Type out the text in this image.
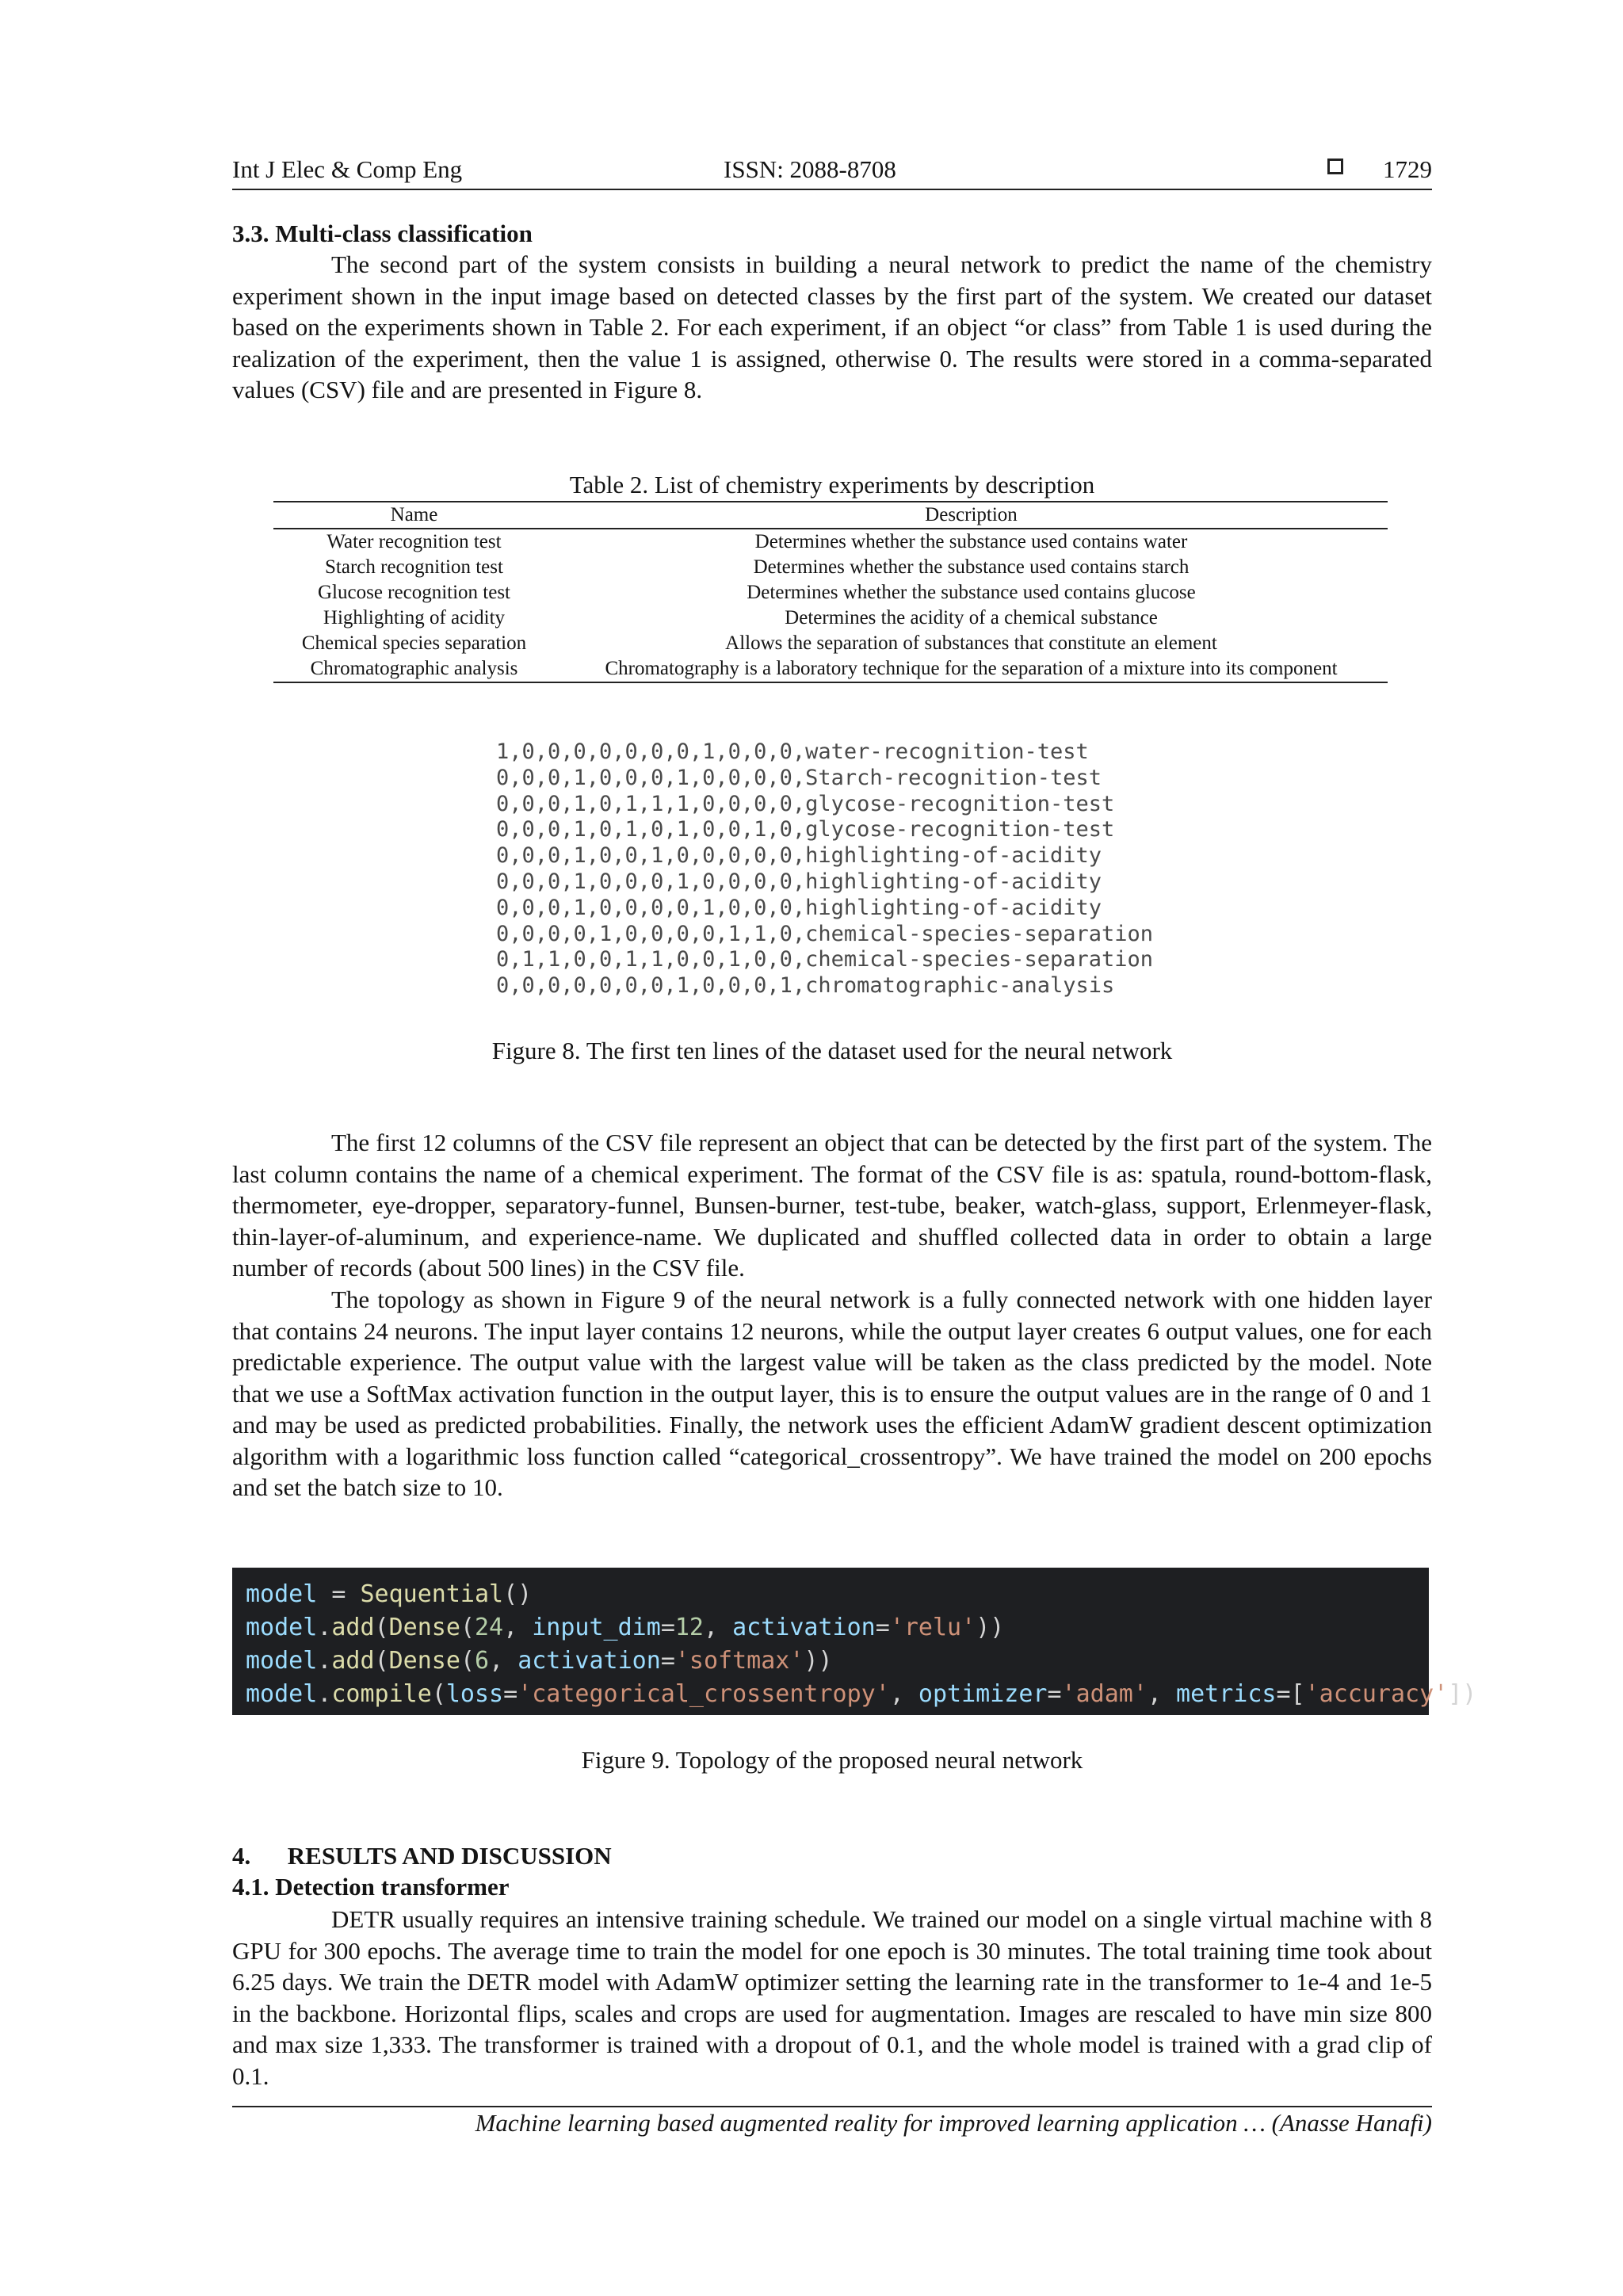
Int J Elec & Comp Eng	ISSN: 2088-8708	1729
3.3. Multi-class classification

The second part of the system consists in building a neural network to predict the name of the chemistry experiment shown in the input image based on detected classes by the first part of the system. We created our dataset based on the experiments shown in Table 2. For each experiment, if an object “or class” from Table 1 is used during the realization of the experiment, then the value 1 is assigned, otherwise 0. The results were stored in a comma-separated values (CSV) file and are presented in Figure 8.

Table 2. List of chemistry experiments by description
Name	Description
Water recognition test	Determines whether the substance used contains water
Starch recognition test	Determines whether the substance used contains starch
Glucose recognition test	Determines whether the substance used contains glucose
Highlighting of acidity	Determines the acidity of a chemical substance
Chemical species separation	Allows the separation of substances that constitute an element
Chromatographic analysis	Chromatography is a laboratory technique for the separation of a mixture into its component
1,0,0,0,0,0,0,0,1,0,0,0,water-recognition-test
0,0,0,1,0,0,0,1,0,0,0,0,Starch-recognition-test
0,0,0,1,0,1,1,1,0,0,0,0,glycose-recognition-test
0,0,0,1,0,1,0,1,0,0,1,0,glycose-recognition-test
0,0,0,1,0,0,1,0,0,0,0,0,highlighting-of-acidity
0,0,0,1,0,0,0,1,0,0,0,0,highlighting-of-acidity
0,0,0,1,0,0,0,0,1,0,0,0,highlighting-of-acidity
0,0,0,0,1,0,0,0,0,1,1,0,chemical-species-separation
0,1,1,0,0,1,1,0,0,1,0,0,chemical-species-separation
0,0,0,0,0,0,0,1,0,0,0,1,chromatographic-analysis
Figure 8. The first ten lines of the dataset used for the neural network

The first 12 columns of the CSV file represent an object that can be detected by the first part of the system. The last column contains the name of a chemical experiment. The format of the CSV file is as: spatula, round-bottom-flask, thermometer, eye-dropper, separatory-funnel, Bunsen-burner, test-tube, beaker, watch-glass, support, Erlenmeyer-flask, thin-layer-of-aluminum, and experience-name. We duplicated and shuffled collected data in order to obtain a large number of records (about 500 lines) in the CSV file.

The topology as shown in Figure 9 of the neural network is a fully connected network with one hidden layer that contains 24 neurons. The input layer contains 12 neurons, while the output layer creates 6 output values, one for each predictable experience. The output value with the largest value will be taken as the class predicted by the model. Note that we use a SoftMax activation function in the output layer, this is to ensure the output values are in the range of 0 and 1 and may be used as predicted probabilities. Finally, the network uses the efficient AdamW gradient descent optimization algorithm with a logarithmic loss function called “categorical_crossentropy”. We have trained the model on 200 epochs and set the batch size to 10.

model = Sequential()
model.add(Dense(24, input_dim=12, activation='relu'))
model.add(Dense(6, activation='softmax'))
model.compile(loss='categorical_crossentropy', optimizer='adam', metrics=['accuracy'])
Figure 9. Topology of the proposed neural network
4.      RESULTS AND DISCUSSION
4.1. Detection transformer

DETR usually requires an intensive training schedule. We trained our model on a single virtual machine with 8 GPU for 300 epochs. The average time to train the model for one epoch is 30 minutes. The total training time took about 6.25 days. We train the DETR model with AdamW optimizer setting the learning rate in the transformer to 1e-4 and 1e-5 in the backbone. Horizontal flips, scales and crops are used for augmentation. Images are rescaled to have min size 800 and max size 1,333. The transformer is trained with a dropout of 0.1, and the whole model is trained with a grad clip of 0.1.

Machine learning based augmented reality for improved learning application … (Anasse Hanafi)
